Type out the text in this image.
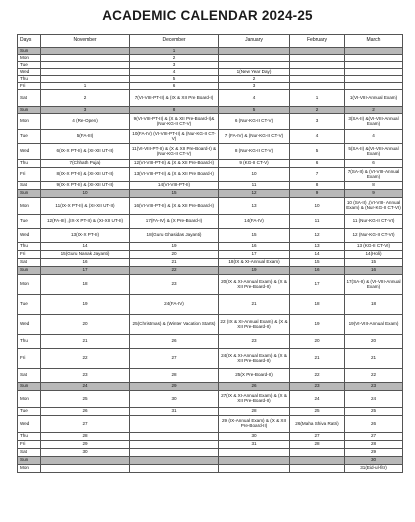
ACADEMIC CALENDAR 2024-25
Days	November	December	January	February	March
Sun		1			
Mon		2			
Tue		3			
Wed		4	1(New Year Day)		
Thu		5	2		
Fri	1	6	3		
Sat	2	7(VI-VIII-PT-II) & (IX & XII Pre Board-I)	4	1	1(VI-VIII-Annual Exam)
Sun	3	8	5	2	2
Mon	4 (Re-Open)	9(VI-VIII-PT-II) & (X & XII Pre-Board-I)& (Nur-KG-II CT-V)	6 (Nur-KG-II CT-V)	3	3(SA-II) &(VI-VIII-Annual Exam)
Tue	5(FA-III)	10(FA-IV) (VI-VIII-PT-II) & (Nur-KG-II CT-V)	7 (FA-IV) & (Nur-KG-II CT-V)	4	4
Wed	6(IX-X PT-II) & (XI-XII UT-II)	11(VI-VIII-PT-II) & (X & XII Pre-Board-I) & (Nur-KG-II CT-V)	8 (Nur-KG-II CT-V)	5	5(SA-II) &(VI-VIII-Annual Exam)
Thu	7(Chhath Puja)	12(VI-VIII-PT-II) & (X & XII Pre-Board-I)	9 (KG-II CT-V)	6	6
Fri	8(IX-X PT-II) & (XI-XII UT-II)	13(VI-VIII-PT-II) & (X & XII Pre Board-I)	10	7	7(SA-II) & (VI-VIII-Annual Exam)
Sat	9(IX-X PT-II) & (XI-XII UT-II)	14(VI-VIII-PT-II)	11	8	8
Sun	10	15	12	9	9
Mon	11(IX-X PT-II) & (XI-XII UT-II)	16(VI-VIII-PT-II) & (X & XII Pre-Board-I)	13	10	10 (SA-II) ,(VI-VIII- Annual Exam) & (Nur-KG-II CT-VI)
Tue	12(FA-III) ,(IX-X PT-II) & (XI-XII UT-II)	17(FA-IV) & (X Pre-Board-I)	14(FA-IV)	11	11 (Nur-KG-II CT-VI)
Wed	13(IX-X PT-II)	18(Guru Ghasidas Jayanti)	15	12	12 (Nur-KG-II CT-VI)
Thu	14	19	16	13	13 (KG-II CT-VI)
Fri	15(Guru Nanak Jayanti)	20	17	14	14(Holi)
Sat	16	21	18(IX & XI-Annual Exam)	15	15
Sun	17	22	19	16	16
Mon	18	23	20(IX & XI-Annual Exam) & (X & XII Pre-Board-II)	17	17(SA-II) & (VI-VIII-Annual Exam)
Tue	19	24(FA-IV)	21	18	18
Wed	20	25(Christmas) & (Winter Vacation Starts)	22 (IX & XI-Annual Exam) & (X & XII Pre-Board-II)	19	19(VI-VIII-Annual Exam)
Thu	21	26	23	20	20
Fri	22	27	24(IX & XI-Annual Exam) & (X & XII Pre-Board-II)	21	21
Sat	23	28	25(X Pre-Board-II)	22	22
Sun	24	29	26	23	23
Mon	25	30	27(IX & XI-Annual Exam) & (X & XII Pre-Board-II)	24	24
Tue	26	31	28	25	25
Wed	27		29 (IX-Annual Exam) & (X & XII Pre-Board-II)	26(Maha Shiva Ratri)	26
Thu	28		30	27	27
Fri	29		31	28	28
Sat	30				29
Sun					30
Mon					31(Eid-ul-fitr)
